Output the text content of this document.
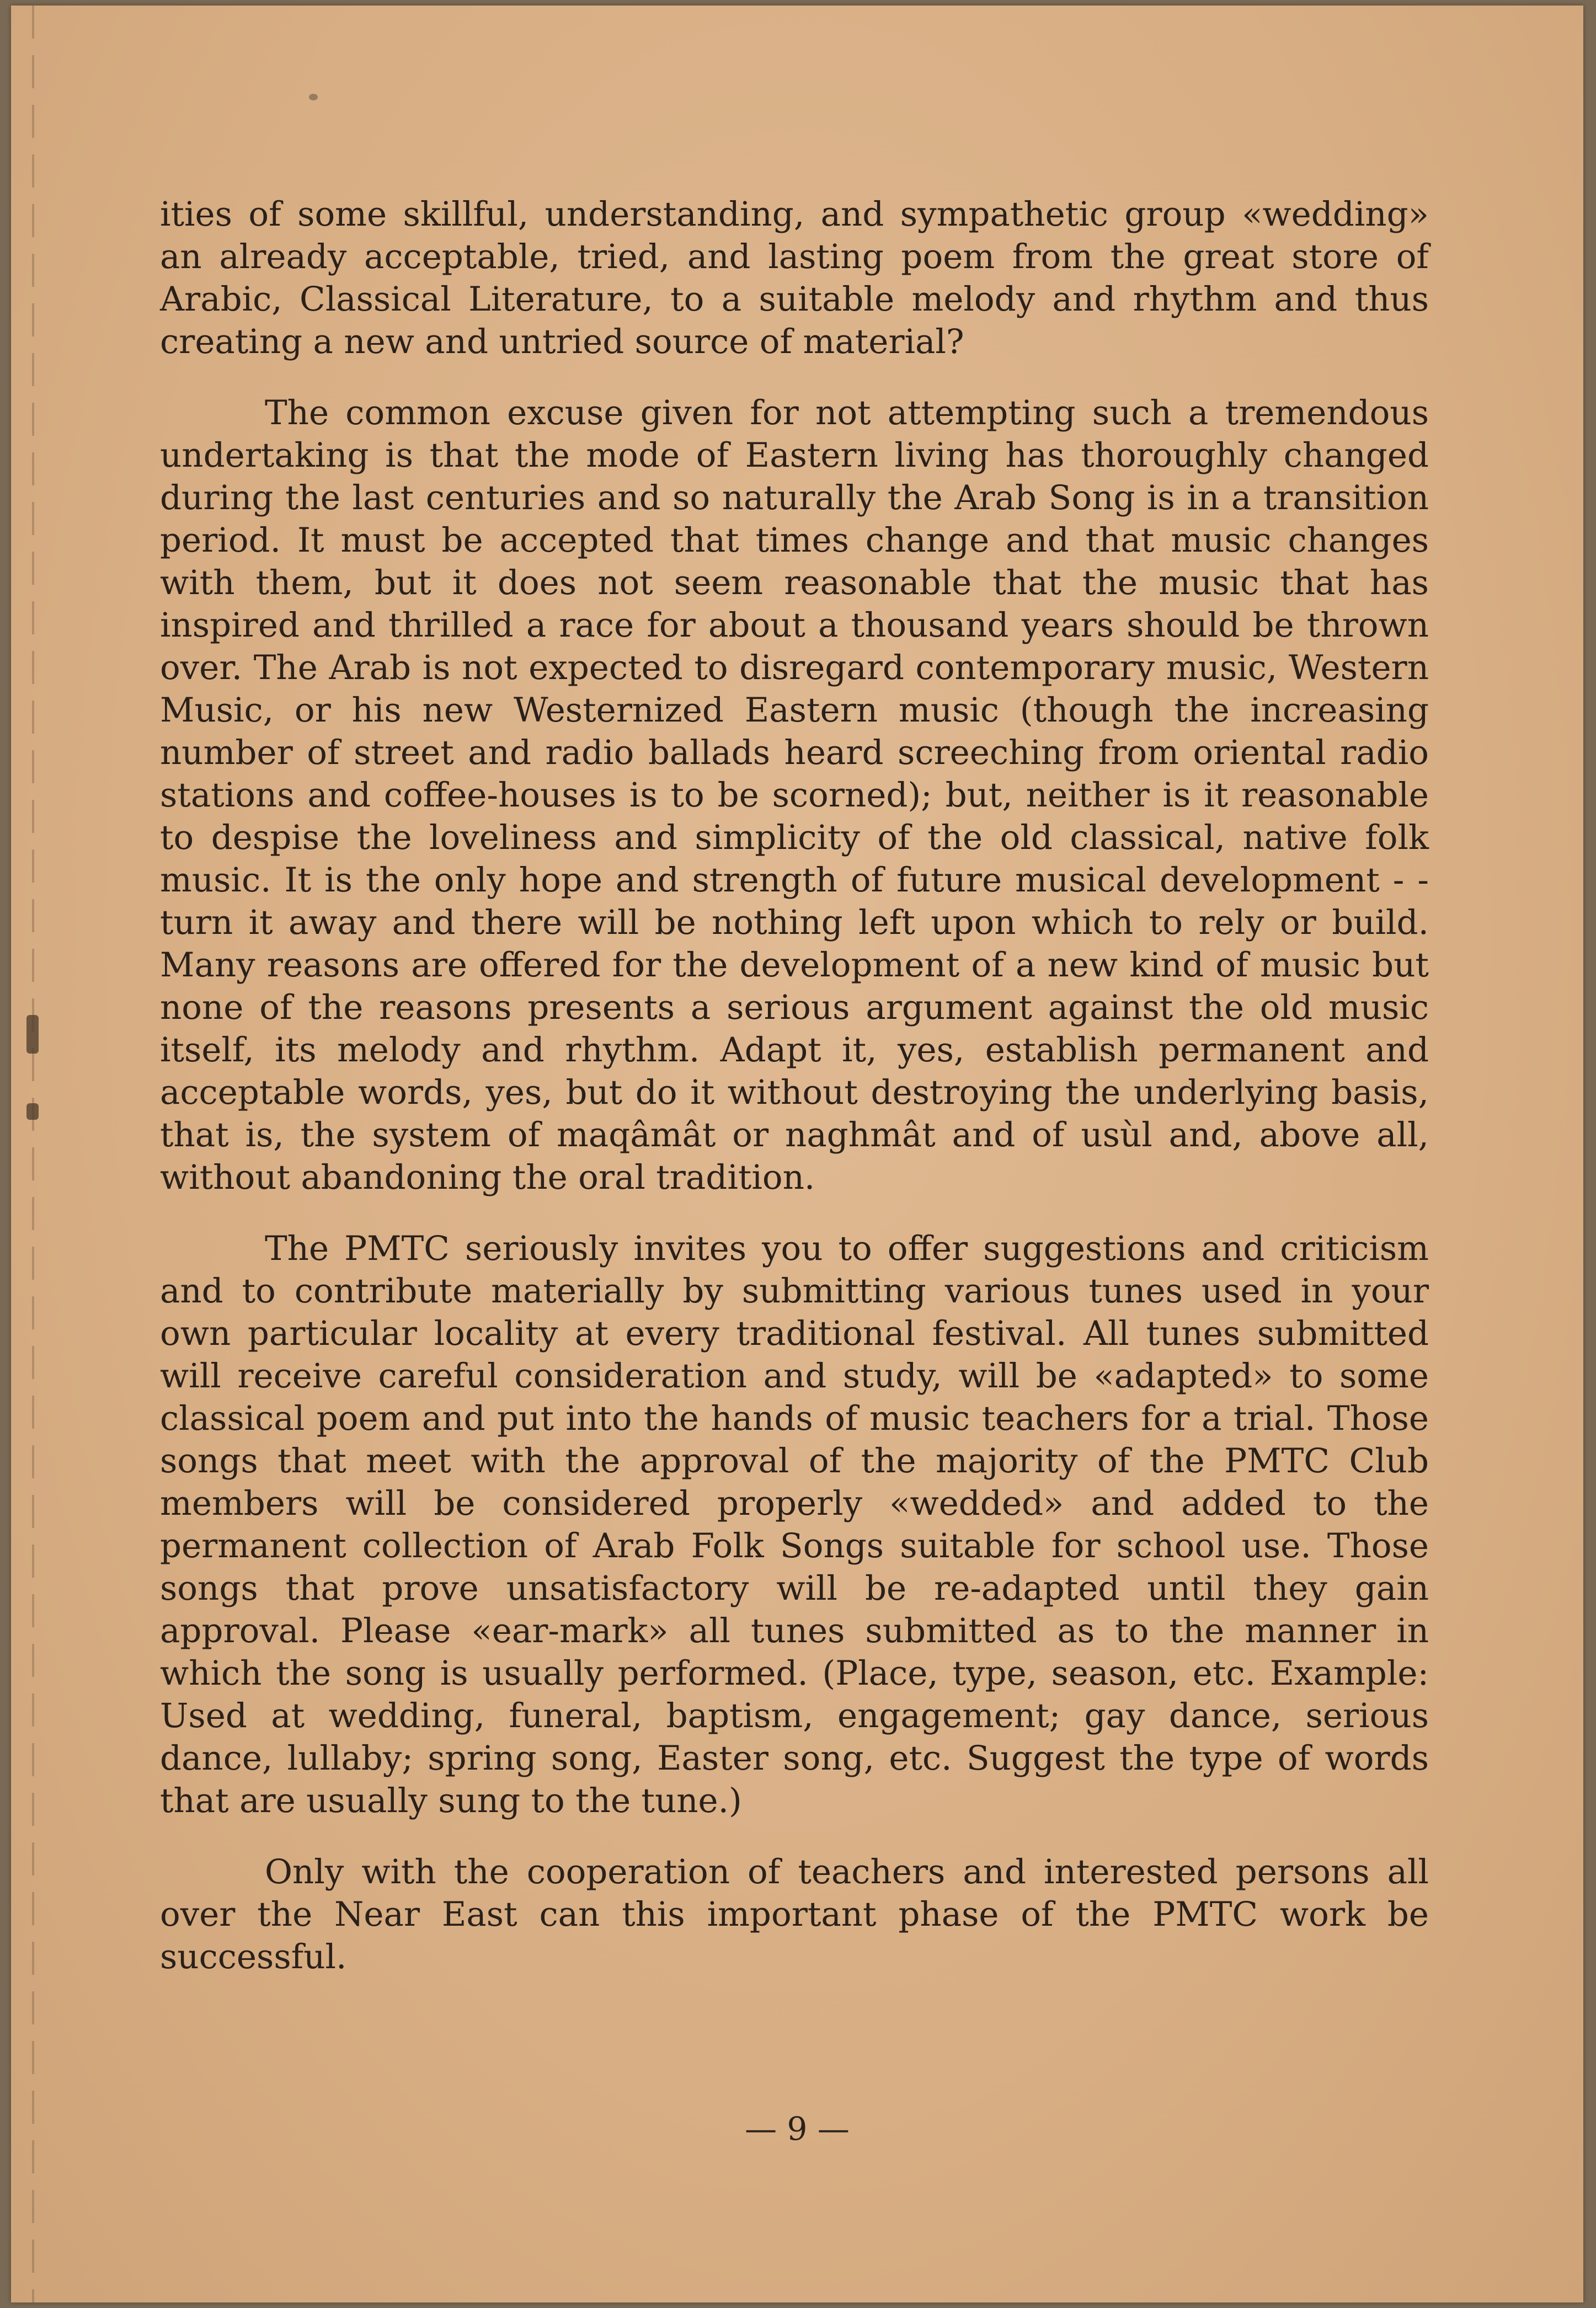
ities of some skillful, understanding, and sympathetic group «wedding» an already acceptable, tried, and lasting poem from the great store of Arabic, Classical Literature, to a suitable melody and rhythm and thus creating a new and untried source of material?

The common excuse given for not attempting such a tremendous undertaking is that the mode of Eastern living has thoroughly changed during the last centuries and so naturally the Arab Song is in a transition period. It must be accepted that times change and that music changes with them, but it does not seem reasonable that the music that has inspired and thrilled a race for about a thousand years should be thrown over. The Arab is not expected to disregard contemporary music, Western Music, or his new Westernized Eastern music (though the increasing number of street and radio ballads heard screeching from oriental radio stations and coffee-houses is to be scorned); but, neither is it reasonable to despise the loveliness and simplicity of the old classical, native folk music. It is the only hope and strength of future musical development - - turn it away and there will be nothing left upon which to rely or build. Many reasons are offered for the development of a new kind of music but none of the reasons presents a serious argument against the old music itself, its melody and rhythm. Adapt it, yes, establish permanent and acceptable words, yes, but do it without destroying the underlying basis, that is, the system of maqâmât or naghmât and of usùl and, above all, without abandoning the oral tradition.

The PMTC seriously invites you to offer suggestions and criticism and to contribute materially by submitting various tunes used in your own particular locality at every traditional festival. All tunes submitted will receive careful consideration and study, will be «adapted» to some classical poem and put into the hands of music teachers for a trial. Those songs that meet with the approval of the majority of the PMTC Club members will be considered properly «wedded» and added to the permanent collection of Arab Folk Songs suitable for school use. Those songs that prove unsatisfactory will be re-adapted until they gain approval. Please «ear-mark» all tunes submitted as to the manner in which the song is usually performed. (Place, type, season, etc. Example: Used at wedding, funeral, baptism, engagement; gay dance, serious dance, lullaby; spring song, Easter song, etc. Suggest the type of words that are usually sung to the tune.)

Only with the cooperation of teachers and interested persons all over the Near East can this important phase of the PMTC work be successful.

— 9 —
